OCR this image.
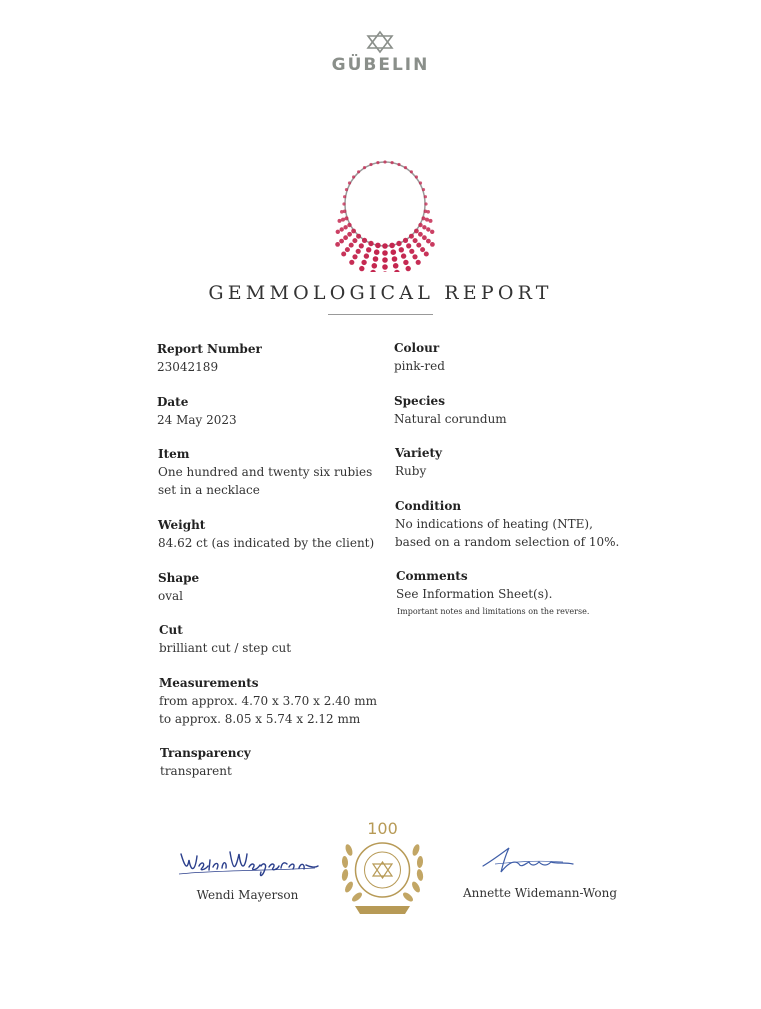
GÜBELIN
GEMMOLOGICAL REPORT
Report Number
23042189
Date
24 May 2023
Item
One hundred and twenty six rubies
set in a necklace
Weight
84.62 ct (as indicated by the client)
Shape
oval
Cut
brilliant cut / step cut
Measurements
from approx. 4.70 x 3.70 x 2.40 mm
to approx. 8.05 x 5.74 x 2.12 mm
Transparency
transparent
Colour
pink-red
Species
Natural corundum
Variety
Ruby
Condition
No indications of heating (NTE),
based on a random selection of 10%.
Comments
See Information Sheet(s).
Important notes and limitations on the reverse.
Wendi Mayerson	Annette Widemann-Wong
100
YEARS
